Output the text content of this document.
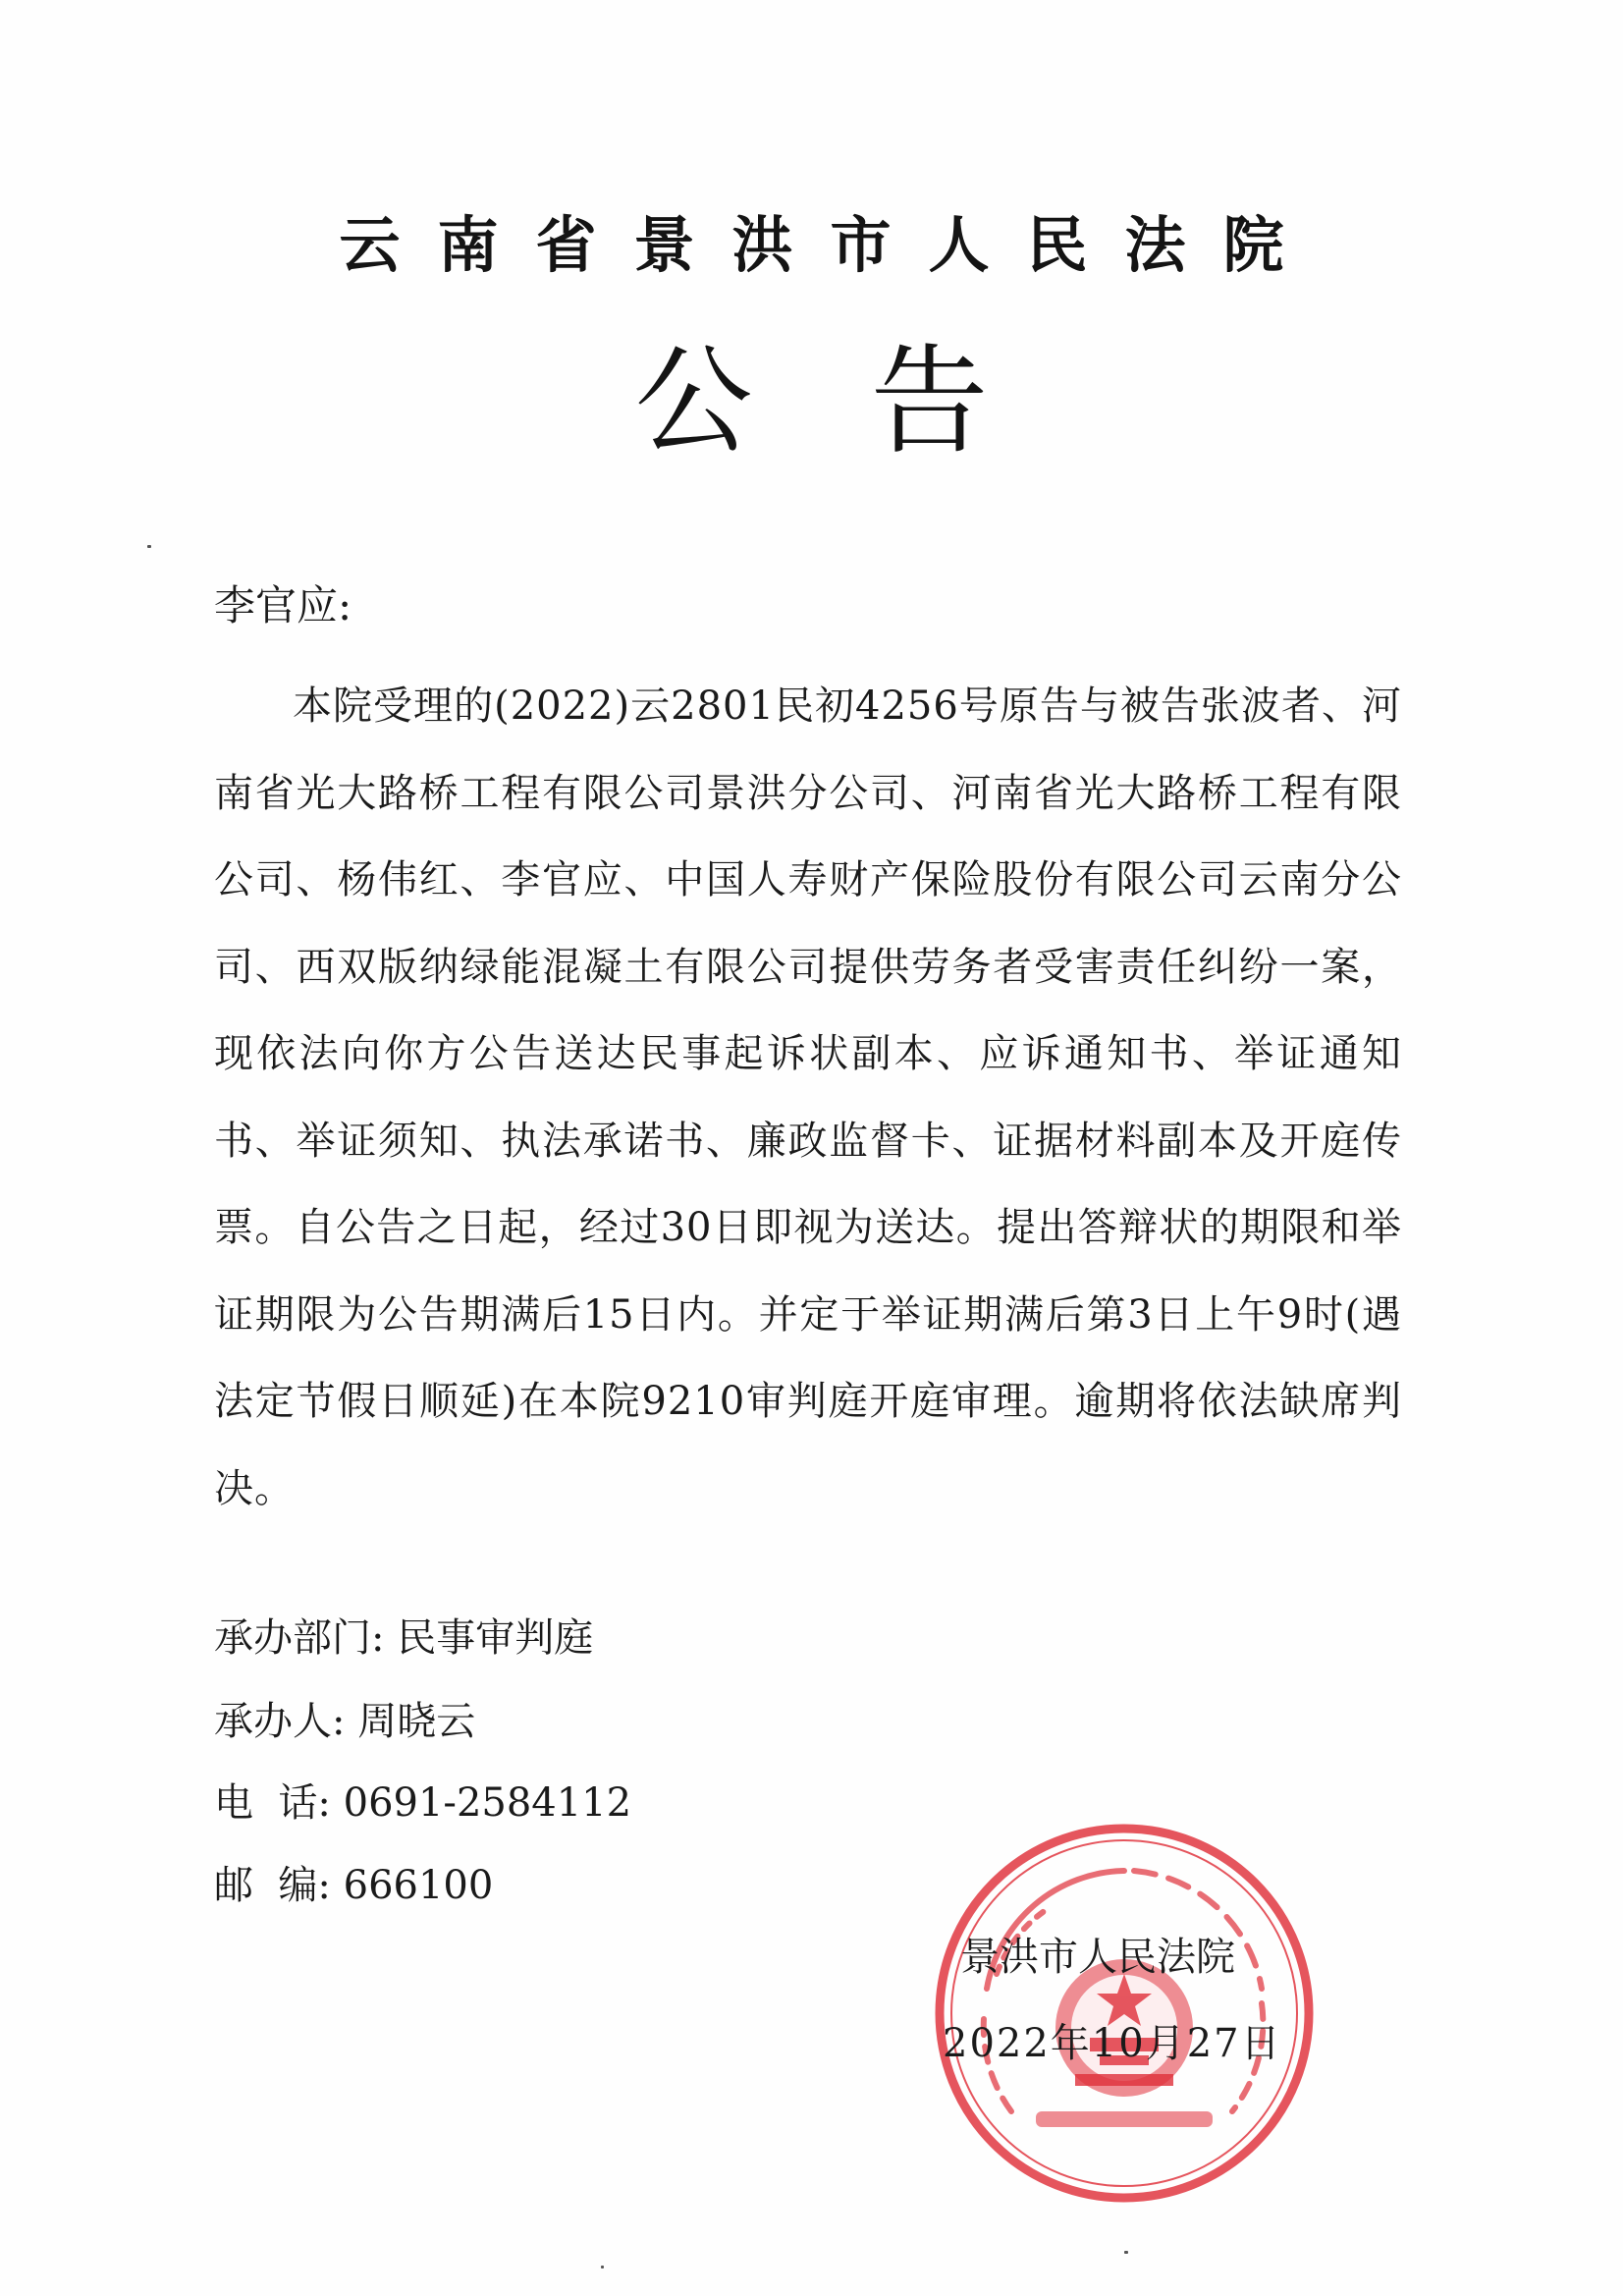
云南省景洪市人民法院
公告
李官应:

本院受理的(2022)云2801民初4256号原告与被告张波者、河南省光大路桥工程有限公司景洪分公司、河南省光大路桥工程有限公司、杨伟红、李官应、中国人寿财产保险股份有限公司云南分公司、西双版纳绿能混凝土有限公司提供劳务者受害责任纠纷一案，现依法向你方公告送达民事起诉状副本、应诉通知书、举证通知书、举证须知、执法承诺书、廉政监督卡、证据材料副本及开庭传票。自公告之日起，经过30日即视为送达。提出答辩状的期限和举证期限为公告期满后15日内。并定于举证期满后第3日上午9时(遇法定节假日顺延)在本院9210审判庭开庭审理。逾期将依法缺席判决。

承办部门: 民事审判庭
承办人: 周晓云
电  话: 0691-2584112
邮  编: 666100
景洪市人民法院
2022年10月27日
